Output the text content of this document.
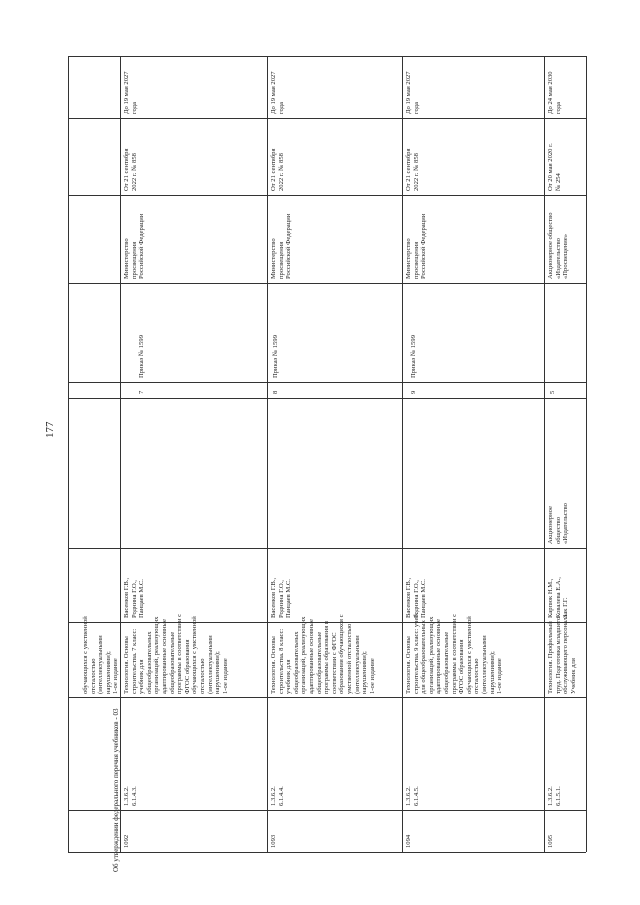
177
Об утверждении федерального перечня учебников - 03
обучающихся с умственной
отсталостью
(интеллектуальными
нарушениями);
1-ое издание
1092
1.3.6.2.
6.1.4.3.
Технология. Основы
строительства. 7 класс:
учебник для
общеобразовательных
организаций, реализующих
адаптированные основные
общеобразовательные
программы в соответствии с
ФГОС образования
обучающихся с умственной
отсталостью
(интеллектуальными
нарушениями);
1-ое издание
Васенков Г.В.,
Роднина Г.О.,
Панцаев М.С.
7
Приказ № 1599
Министерство
просвещения
Российской Федерации
От 21 сентября
2022 г. № 858
До 19 мая 2027
года
1093
1.3.6.2.
6.1.4.4.
Технология. Основы
строительства. 8 класс:
учебник для
общеобразовательных
организаций, реализующих
адаптированные основные
общеобразовательные
программы образования в
соответствии с ФГОС
образования обучающихся с
умственной отсталостью
(интеллектуальными
нарушениями);
1-ое издание
Васенков Г.В.,
Роднина Г.О.,
Панцаев М.С.
8
Приказ № 1599
Министерство
просвещения
Российской Федерации
От 21 сентября
2022 г. № 858
До 19 мая 2027
года
1094
1.3.6.2.
6.1.4.5.
Технология. Основы
строительства. 9 класс: учеб.
для общеобразовательных
организаций, реализующих
адаптированные основные
общеобразовательные
программы в соответствии с
ФГОС образования
обучающихся с умственной
отсталостью
(интеллектуальными
нарушениями);
1-ое издание
Васенков Г.В.,
Роднина Г.О.,
Панцаев М.С.
9
Приказ № 1599
Министерство
просвещения
Российской Федерации
От 21 сентября
2022 г. № 858
До 19 мая 2027
года
1095
1.3.6.2.
6.1.5.1.
Технология. Профильный
труд. Подготовка младшего
обслуживающего персонала.
Учебник для
Карпюк Н.М.,
Ковалева Е.А.,
Зак Г.Г.
Акционерное
общество
«Издательство
5
Акционерное общество
«Издательство
«Просвещение»
От 20 мая 2020 г.
№ 254
До 24 мая 2030
года
